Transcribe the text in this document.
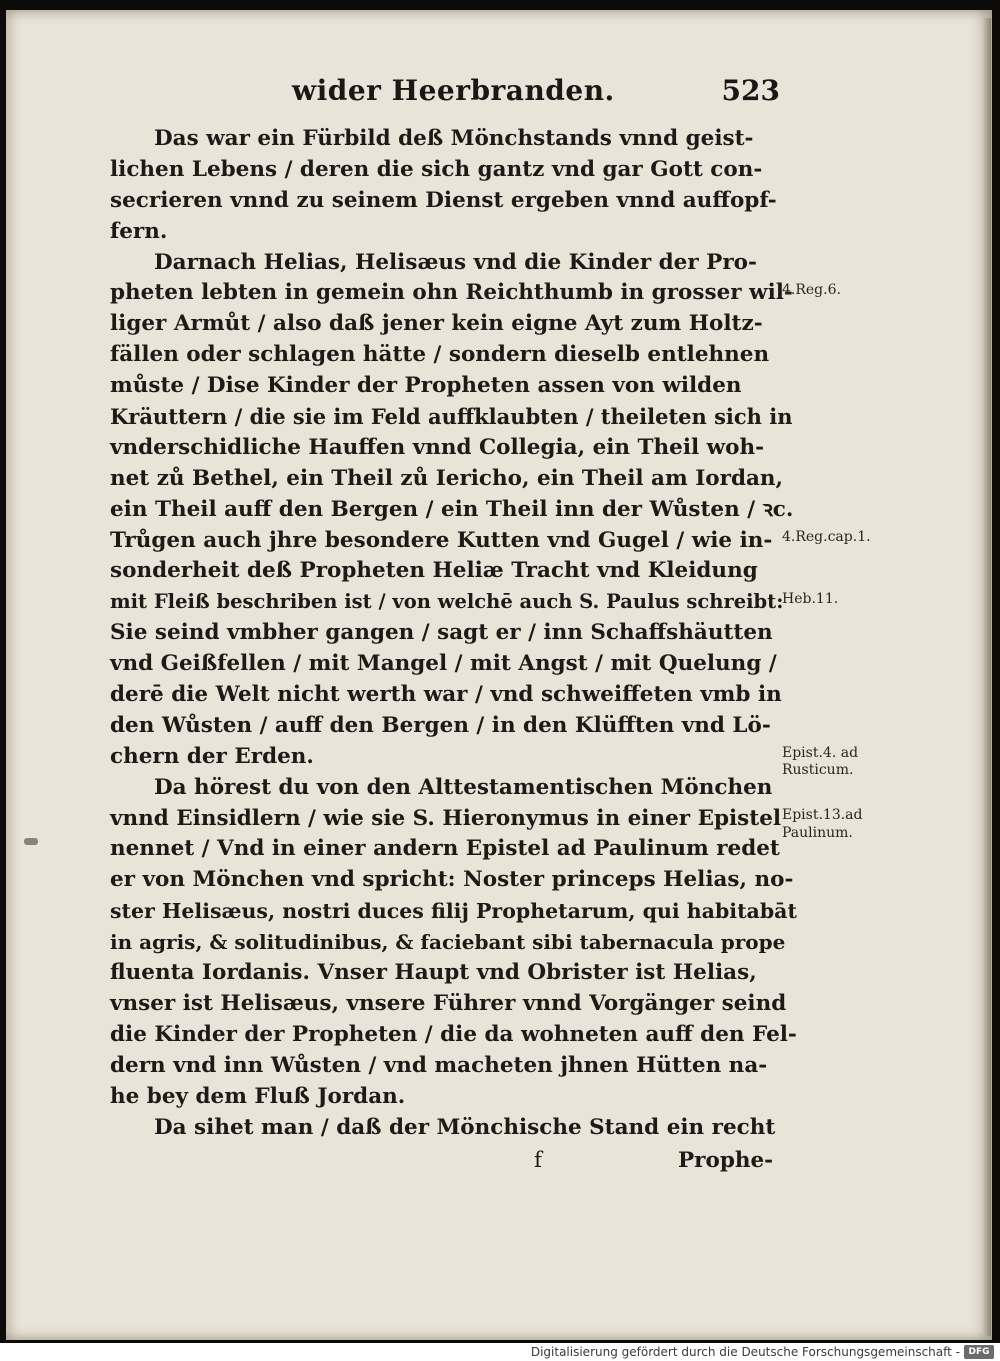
wider Heerbranden.	523
Das war ein Fürbild deß Mönchstands vnnd geist-
lichen Lebens / deren die sich gantz vnd gar Gott con-
secrieren vnnd zu seinem Dienst ergeben vnnd auffopf-
fern.
Darnach Helias, Helisæus vnd die Kinder der Pro-
pheten lebten in gemein ohn Reichthumb in grosser wil-
liger Armůt / also daß jener kein eigne Ayt zum Holtz-
fällen oder schlagen hätte / sondern dieselb entlehnen
můste / Dise Kinder der Propheten assen von wilden
Kräuttern / die sie im Feld auffklaubten / theileten sich in
vnderschidliche Hauffen vnnd Collegia, ein Theil woh-
net zů Bethel, ein Theil zů Iericho, ein Theil am Iordan,
ein Theil auff den Bergen / ein Theil inn der Wůsten / ꝛc.
Trůgen auch jhre besondere Kutten vnd Gugel / wie in-
sonderheit deß Propheten Heliæ Tracht vnd Kleidung
mit Fleiß beschriben ist / von welchē auch S. Paulus schreibt:
Sie seind vmbher gangen / sagt er / inn Schaffshäutten
vnd Geißfellen / mit Mangel / mit Angst / mit Quelung /
derē die Welt nicht werth war / vnd schweiffeten vmb in
den Wůsten / auff den Bergen / in den Klüfften vnd Lö-
chern der Erden.
Da hörest du von den Alttestamentischen Mönchen
vnnd Einsidlern / wie sie S. Hieronymus in einer Epistel
nennet / Vnd in einer andern Epistel ad Paulinum redet
er von Mönchen vnd spricht: Noster princeps Helias, no-
ster Helisæus, nostri duces filij Prophetarum, qui habitabāt
in agris, & solitudinibus, & faciebant sibi tabernacula prope
fluenta Iordanis. Vnser Haupt vnd Obrister ist Helias,
vnser ist Helisæus, vnsere Führer vnnd Vorgänger seind
die Kinder der Propheten / die da wohneten auff den Fel-
dern vnd inn Wůsten / vnd macheten jhnen Hütten na-
he bey dem Fluß Jordan.
Da sihet man / daß der Mönchische Stand ein recht
4.Reg.6.
4.Reg.cap.1.
Heb.11.
Epist.4. ad
Rusticum.
Epist.13.ad
Paulinum.
f	Prophe-
Digitalisierung gefördert durch die Deutsche Forschungsgemeinschaft - DFG
